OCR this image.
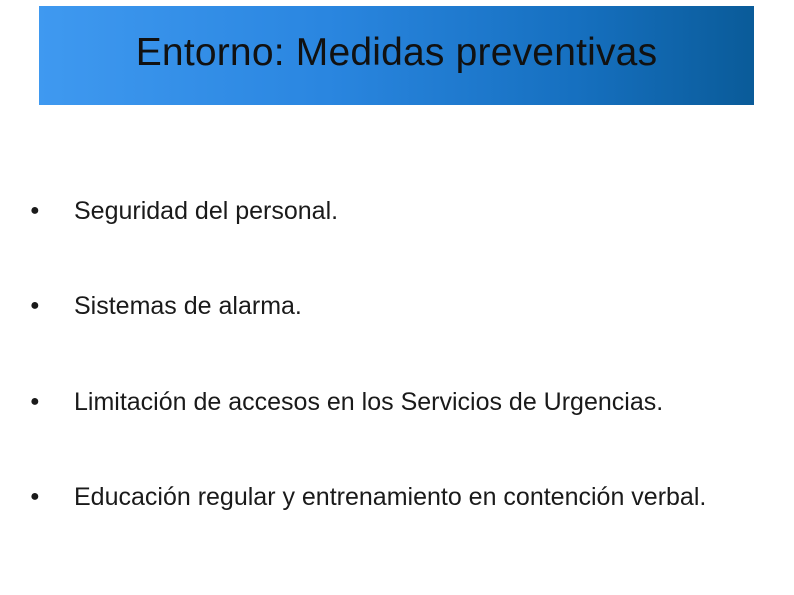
Entorno: Medidas preventivas
●	Seguridad del personal.
●	Sistemas de alarma.
●	Limitación de accesos en los Servicios de Urgencias.
●	Educación regular y entrenamiento en contención verbal.
